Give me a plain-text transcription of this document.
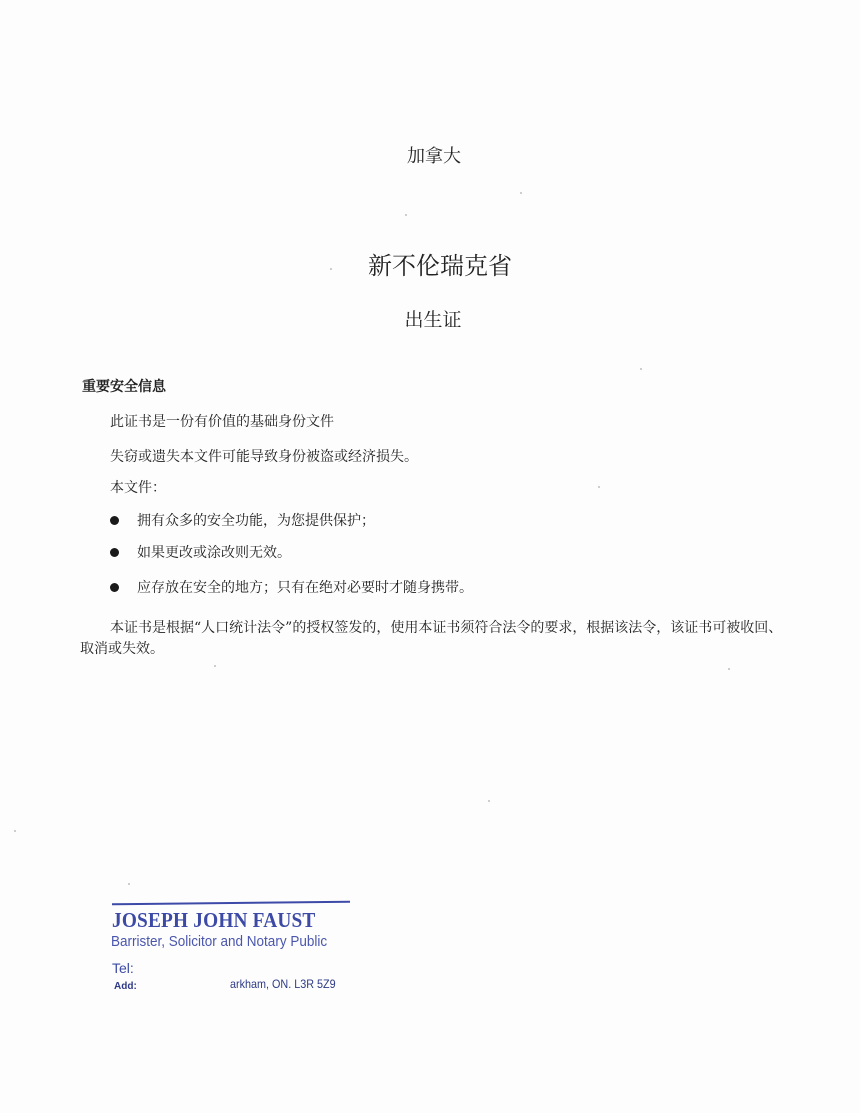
加拿大
新不伦瑞克省
出生证
重要安全信息
此证书是一份有价值的基础身份文件
失窃或遗失本文件可能导致身份被盗或经济损失。
本文件：
拥有众多的安全功能，为您提供保护；
如果更改或涂改则无效。
应存放在安全的地方；只有在绝对必要时才随身携带。
本证书是根据“人口统计法令”的授权签发的，使用本证书须符合法令的要求，根据该法令，该证书可被收回、取消或失效。
JOSEPH JOHN FAUST
Barrister, Solicitor and Notary Public
Tel:
Add:	arkham, ON. L3R 5Z9
